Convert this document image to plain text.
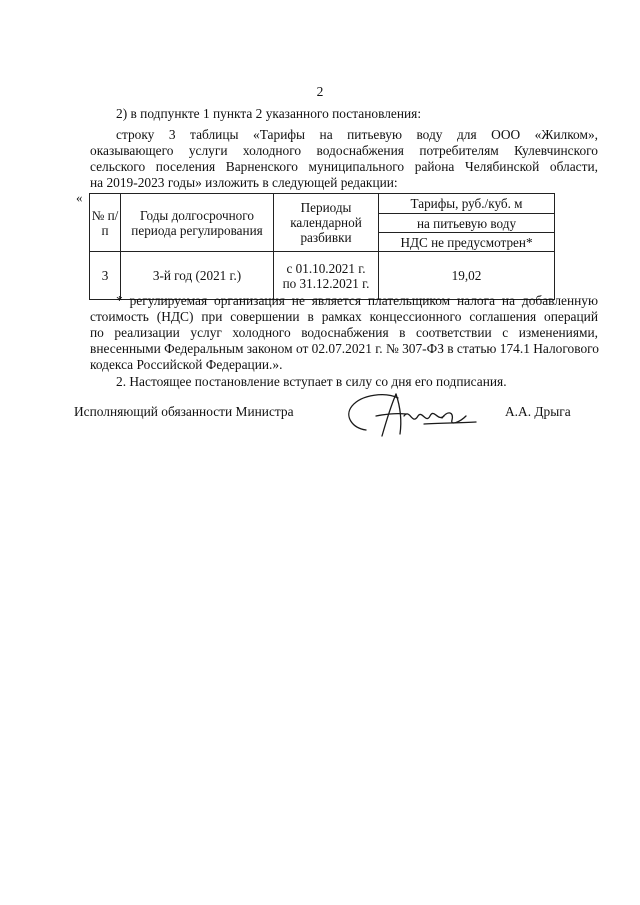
2
2) в подпункте 1 пункта 2 указанного постановления:
строку 3 таблицы «Тарифы на питьевую воду для ООО «Жилком»,
оказывающего услуги холодного водоснабжения потребителям Кулевчинского
сельского поселения Варненского муниципального района Челябинской области,
на 2019-2023 годы» изложить в следующей редакции:
«
№ п/п	Годы долгосрочного периода регулирования	Периоды календарной разбивки	Тарифы, руб./куб. м
			на питьевую воду
			НДС не предусмотрен*
3	3-й год (2021 г.)	с 01.10.2021 г.
по 31.12.2021 г.	19,02
* регулируемая организация не является плательщиком налога на добавленную
стоимость (НДС) при совершении в рамках концессионного соглашения операций
по реализации услуг холодного водоснабжения в соответствии с изменениями,
внесенными Федеральным законом от 02.07.2021 г. № 307-ФЗ в статью 174.1 Налогового
кодекса Российской Федерации.».
2. Настоящее постановление вступает в силу со дня его подписания.
Исполняющий обязанности Министра	А.А. Дрыга
